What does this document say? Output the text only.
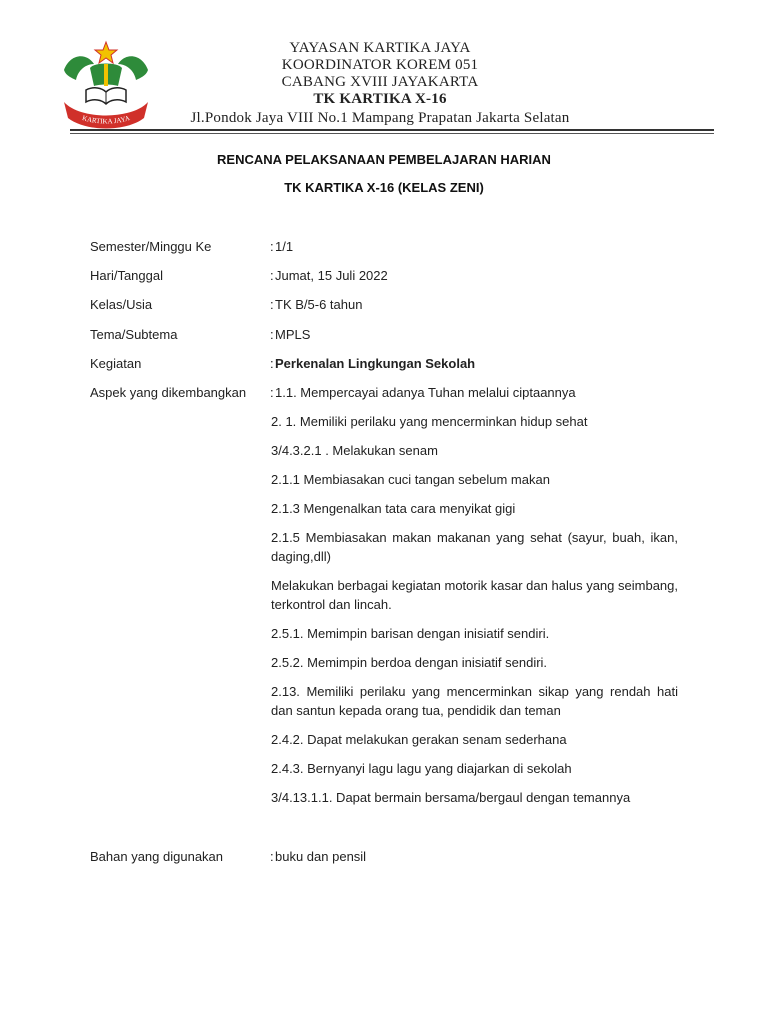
KARTIKA JAYA
YAYASAN KARTIKA JAYA
KOORDINATOR KOREM 051
CABANG XVIII JAYAKARTA
TK KARTIKA X-16
Jl.Pondok Jaya VIII No.1 Mampang Prapatan Jakarta Selatan
RENCANA PELAKSANAAN PEMBELAJARAN HARIAN
TK KARTIKA X-16 (KELAS ZENI)
Semester/Minggu Ke	: 1/1
Hari/Tanggal	: Jumat, 15 Juli 2022
Kelas/Usia	: TK B/5-6 tahun
Tema/Subtema	: MPLS
Kegiatan	: Perkenalan Lingkungan Sekolah
Aspek yang dikembangkan	: 1.1. Mempercayai adanya Tuhan melalui ciptaannya
2. 1. Memiliki perilaku yang mencerminkan hidup sehat
3/4.3.2.1 . Melakukan senam
2.1.1 Membiasakan cuci tangan sebelum makan
2.1.3 Mengenalkan tata cara menyikat gigi
2.1.5 Membiasakan makan makanan yang sehat (sayur, buah, ikan, daging,dll)
Melakukan berbagai kegiatan motorik kasar dan halus yang seimbang, terkontrol dan lincah.
2.5.1. Memimpin barisan dengan inisiatif sendiri.
2.5.2. Memimpin berdoa dengan inisiatif sendiri.
2.13. Memiliki perilaku yang mencerminkan sikap yang rendah hati dan santun kepada orang tua, pendidik dan teman
2.4.2. Dapat melakukan gerakan senam sederhana
2.4.3. Bernyanyi lagu lagu yang diajarkan di sekolah
3/4.13.1.1. Dapat bermain bersama/bergaul dengan temannya
Bahan yang digunakan	: buku dan pensil
